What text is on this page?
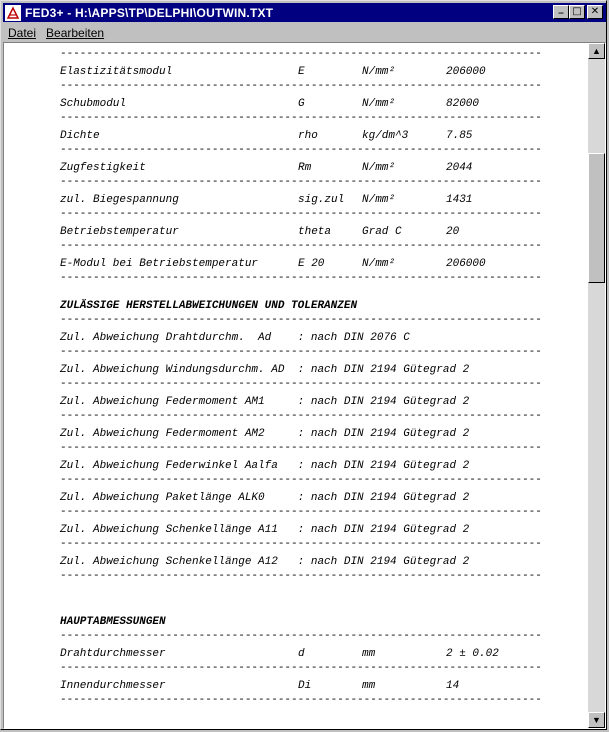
FED3+ - H:\APPS\TP\DELPHI\OUTWIN.TXT	_ □ ✕
Datei Bearbeiten
-------------------------------------------------------------------------
Elastizitätsmodul	E	N/mm²	206000
-------------------------------------------------------------------------
Schubmodul	G	N/mm²	82000
-------------------------------------------------------------------------
Dichte	rho	kg/dm^3	7.85
-------------------------------------------------------------------------
Zugfestigkeit	Rm	N/mm²	2044
-------------------------------------------------------------------------
zul. Biegespannung	sig.zul N/mm²	1431
-------------------------------------------------------------------------
Betriebstemperatur	theta	Grad C	20
-------------------------------------------------------------------------
E-Modul bei Betriebstemperatur	E 20	N/mm²	206000
-------------------------------------------------------------------------
ZULÄSSIGE HERSTELLABWEICHUNGEN UND TOLERANZEN
-------------------------------------------------------------------------
Zul. Abweichung Drahtdurchm.  Ad    : nach DIN 2076 C
-------------------------------------------------------------------------
Zul. Abweichung Windungsdurchm. AD  : nach DIN 2194 Gütegrad 2
-------------------------------------------------------------------------
Zul. Abweichung Federmoment AM1     : nach DIN 2194 Gütegrad 2
-------------------------------------------------------------------------
Zul. Abweichung Federmoment AM2     : nach DIN 2194 Gütegrad 2
-------------------------------------------------------------------------
Zul. Abweichung Federwinkel Aalfa   : nach DIN 2194 Gütegrad 2
-------------------------------------------------------------------------
Zul. Abweichung Paketlänge ALK0     : nach DIN 2194 Gütegrad 2
-------------------------------------------------------------------------
Zul. Abweichung Schenkellänge A11   : nach DIN 2194 Gütegrad 2
-------------------------------------------------------------------------
Zul. Abweichung Schenkellänge A12   : nach DIN 2194 Gütegrad 2
-------------------------------------------------------------------------
HAUPTABMESSUNGEN
-------------------------------------------------------------------------
Drahtdurchmesser	d	mm	2 ± 0.02
-------------------------------------------------------------------------
Innendurchmesser	Di	mm	14
-------------------------------------------------------------------------
▲
▼
